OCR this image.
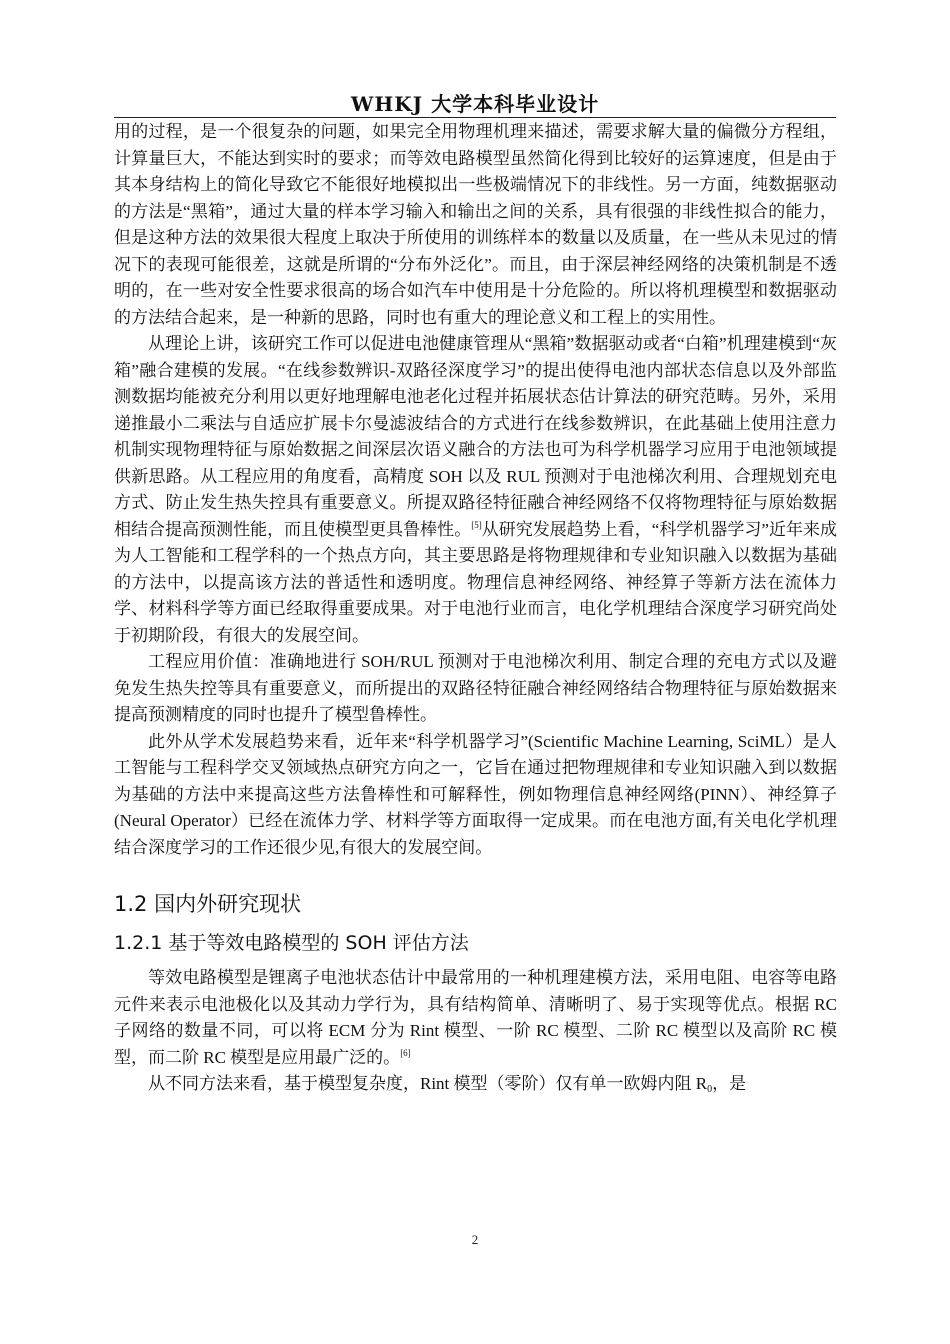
WHKJ 大学本科毕业设计

用的过程，是一个很复杂的问题，如果完全用物理机理来描述，需要求解大量的偏微分方程组，计算量巨大，不能达到实时的要求；而等效电路模型虽然简化得到比较好的运算速度，但是由于其本身结构上的简化导致它不能很好地模拟出一些极端情况下的非线性。另一方面，纯数据驱动的方法是“黑箱”，通过大量的样本学习输入和输出之间的关系，具有很强的非线性拟合的能力，但是这种方法的效果很大程度上取决于所使用的训练样本的数量以及质量，在一些从未见过的情况下的表现可能很差，这就是所谓的“分布外泛化”。而且，由于深层神经网络的决策机制是不透明的，在一些对安全性要求很高的场合如汽车中使用是十分危险的。所以将机理模型和数据驱动的方法结合起来，是一种新的思路，同时也有重大的理论意义和工程上的实用性。

从理论上讲，该研究工作可以促进电池健康管理从“黑箱”数据驱动或者“白箱”机理建模到“灰箱”融合建模的发展。“在线参数辨识-双路径深度学习”的提出使得电池内部状态信息以及外部监测数据均能被充分利用以更好地理解电池老化过程并拓展状态估计算法的研究范畴。另外，采用递推最小二乘法与自适应扩展卡尔曼滤波结合的方式进行在线参数辨识，在此基础上使用注意力机制实现物理特征与原始数据之间深层次语义融合的方法也可为科学机器学习应用于电池领域提供新思路。从工程应用的角度看，高精度 SOH 以及 RUL 预测对于电池梯次利用、合理规划充电方式、防止发生热失控具有重要意义。所提双路径特征融合神经网络不仅将物理特征与原始数据相结合提高预测性能，而且使模型更具鲁棒性。[5]从研究发展趋势上看，“科学机器学习”近年来成为人工智能和工程学科的一个热点方向，其主要思路是将物理规律和专业知识融入以数据为基础的方法中，以提高该方法的普适性和透明度。物理信息神经网络、神经算子等新方法在流体力学、材料科学等方面已经取得重要成果。对于电池行业而言，电化学机理结合深度学习研究尚处于初期阶段，有很大的发展空间。

工程应用价值：准确地进行 SOH/RUL 预测对于电池梯次利用、制定合理的充电方式以及避免发生热失控等具有重要意义，而所提出的双路径特征融合神经网络结合物理特征与原始数据来提高预测精度的同时也提升了模型鲁棒性。

此外从学术发展趋势来看，近年来“科学机器学习”(Scientific Machine Learning, SciML）是人工智能与工程科学交叉领域热点研究方向之一，它旨在通过把物理规律和专业知识融入到以数据为基础的方法中来提高这些方法鲁棒性和可解释性，例如物理信息神经网络(PINN）、神经算子(Neural Operator）已经在流体力学、材料学等方面取得一定成果。而在电池方面,有关电化学机理结合深度学习的工作还很少见,有很大的发展空间。

1.2 国内外研究现状
1.2.1 基于等效电路模型的 SOH 评估方法

等效电路模型是锂离子电池状态估计中最常用的一种机理建模方法，采用电阻、电容等电路元件来表示电池极化以及其动力学行为，具有结构简单、清晰明了、易于实现等优点。根据 RC 子网络的数量不同，可以将 ECM 分为 Rint 模型、一阶 RC 模型、二阶 RC 模型以及高阶 RC 模型，而二阶 RC 模型是应用最广泛的。[6]

从不同方法来看，基于模型复杂度，Rint 模型（零阶）仅有单一欧姆内阻 $R_0$，是

2
